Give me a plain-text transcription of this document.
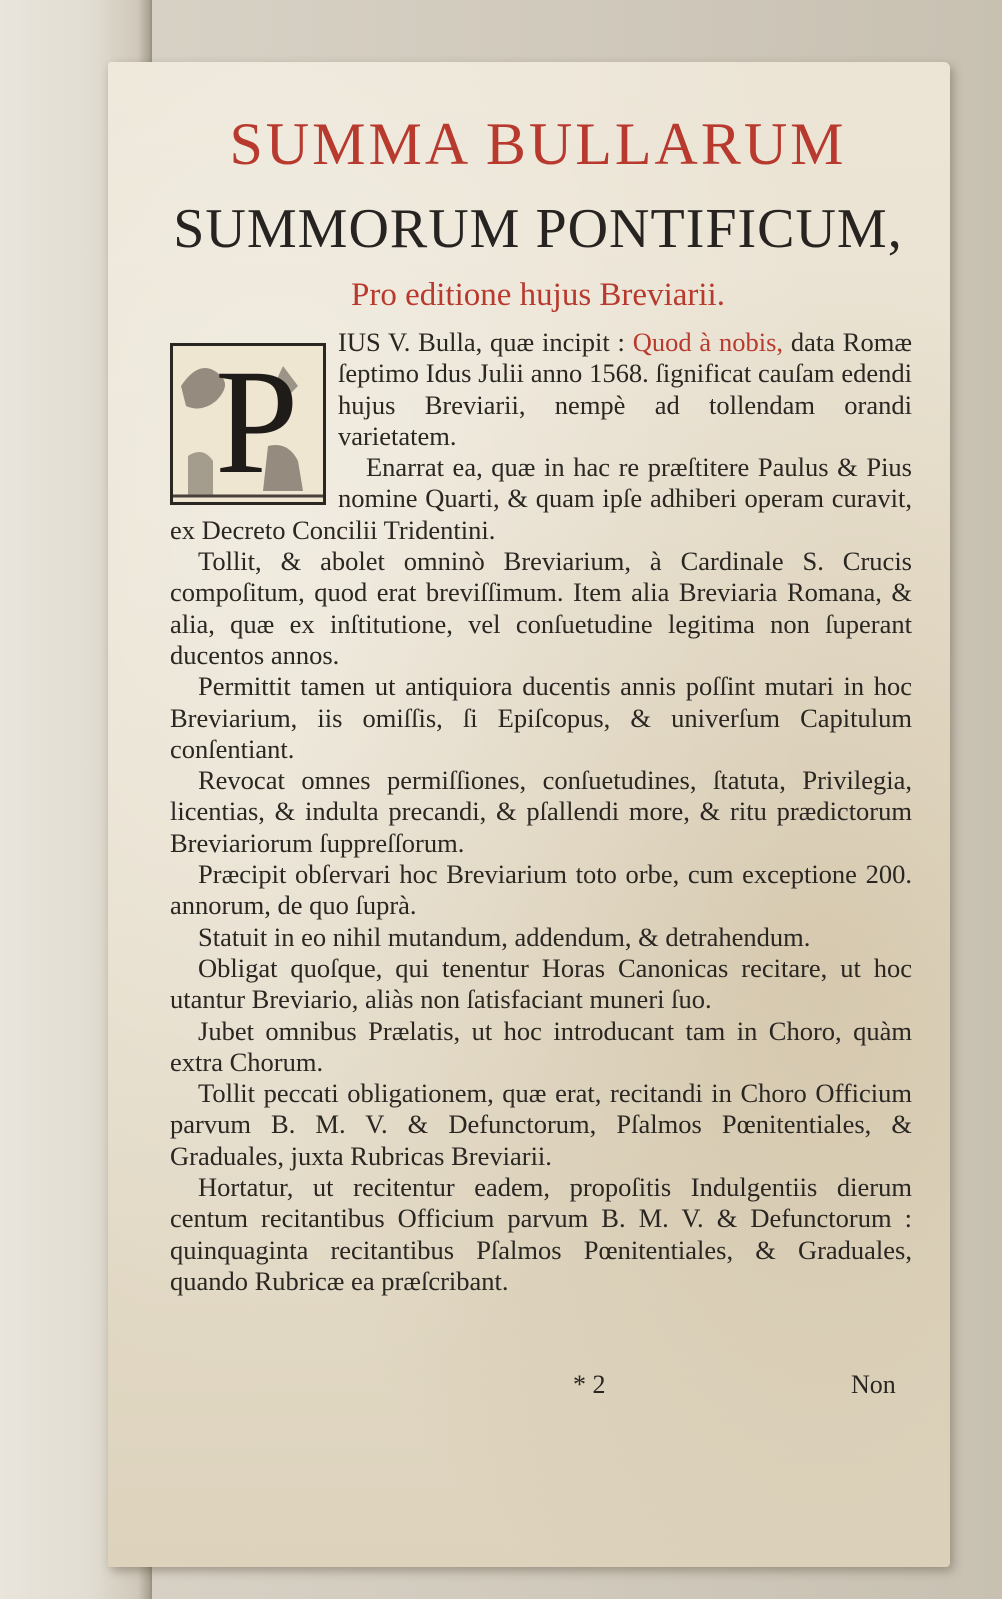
SUMMA BULLARUM
SUMMORUM PONTIFICUM,
Pro editione hujus Breviarii.
P	IUS V. Bulla, quæ incipit : Quod à nobis, data Romæ ſeptimo Idus Julii anno 1568. ſignificat cauſam edendi hujus Breviarii, nempè ad tollendam orandi varietatem.

Enarrat ea, quæ in hac re præſtitere Paulus & Pius nomine Quarti, & quam ipſe adhiberi operam curavit, ex Decreto Concilii Tridentini.

Tollit, & abolet omninò Breviarium, à Cardinale S. Crucis compoſitum, quod erat breviſſimum. Item alia Breviaria Romana, & alia, quæ ex inſtitutione, vel conſuetudine legitima non ſuperant ducentos annos.

Permittit tamen ut antiquiora ducentis annis poſſint mutari in hoc Breviarium, iis omiſſis, ſi Epiſcopus, & univerſum Capitulum conſentiant.

Revocat omnes permiſſiones, conſuetudines, ſtatuta, Privilegia, licentias, & indulta precandi, & pſallendi more, & ritu prædictorum Breviariorum ſuppreſſorum.

Præcipit obſervari hoc Breviarium toto orbe, cum exceptione 200. annorum, de quo ſuprà.

Statuit in eo nihil mutandum, addendum, & detrahendum.

Obligat quoſque, qui tenentur Horas Canonicas recitare, ut hoc utantur Breviario, aliàs non ſatisfaciant muneri ſuo.

Jubet omnibus Prælatis, ut hoc introducant tam in Choro, quàm extra Chorum.

Tollit peccati obligationem, quæ erat, recitandi in Choro Officium parvum B. M. V. & Defunctorum, Pſalmos Pœnitentiales, & Graduales, juxta Rubricas Breviarii.

Hortatur, ut recitentur eadem, propoſitis Indulgentiis dierum centum recitantibus Officium parvum B. M. V. & Defunctorum : quinquaginta recitantibus Pſalmos Pœnitentiales, & Graduales, quando Rubricæ ea præſcribant.

* 2	Non
